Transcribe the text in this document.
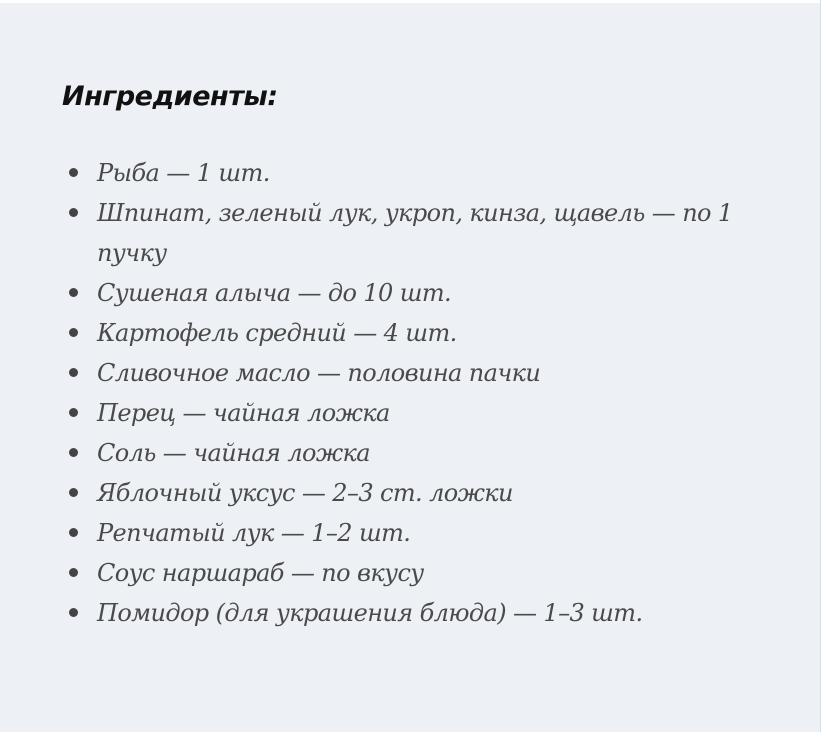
Ингредиенты:
Рыба — 1 шт.
Шпинат, зеленый лук, укроп, кинза, щавель — по 1 пучку
Сушеная алыча — до 10 шт.
Картофель средний — 4 шт.
Сливочное масло — половина пачки
Перец — чайная ложка
Соль — чайная ложка
Яблочный уксус — 2–3 ст. ложки
Репчатый лук — 1–2 шт.
Соус наршараб — по вкусу
Помидор (для украшения блюда) — 1–3 шт.
